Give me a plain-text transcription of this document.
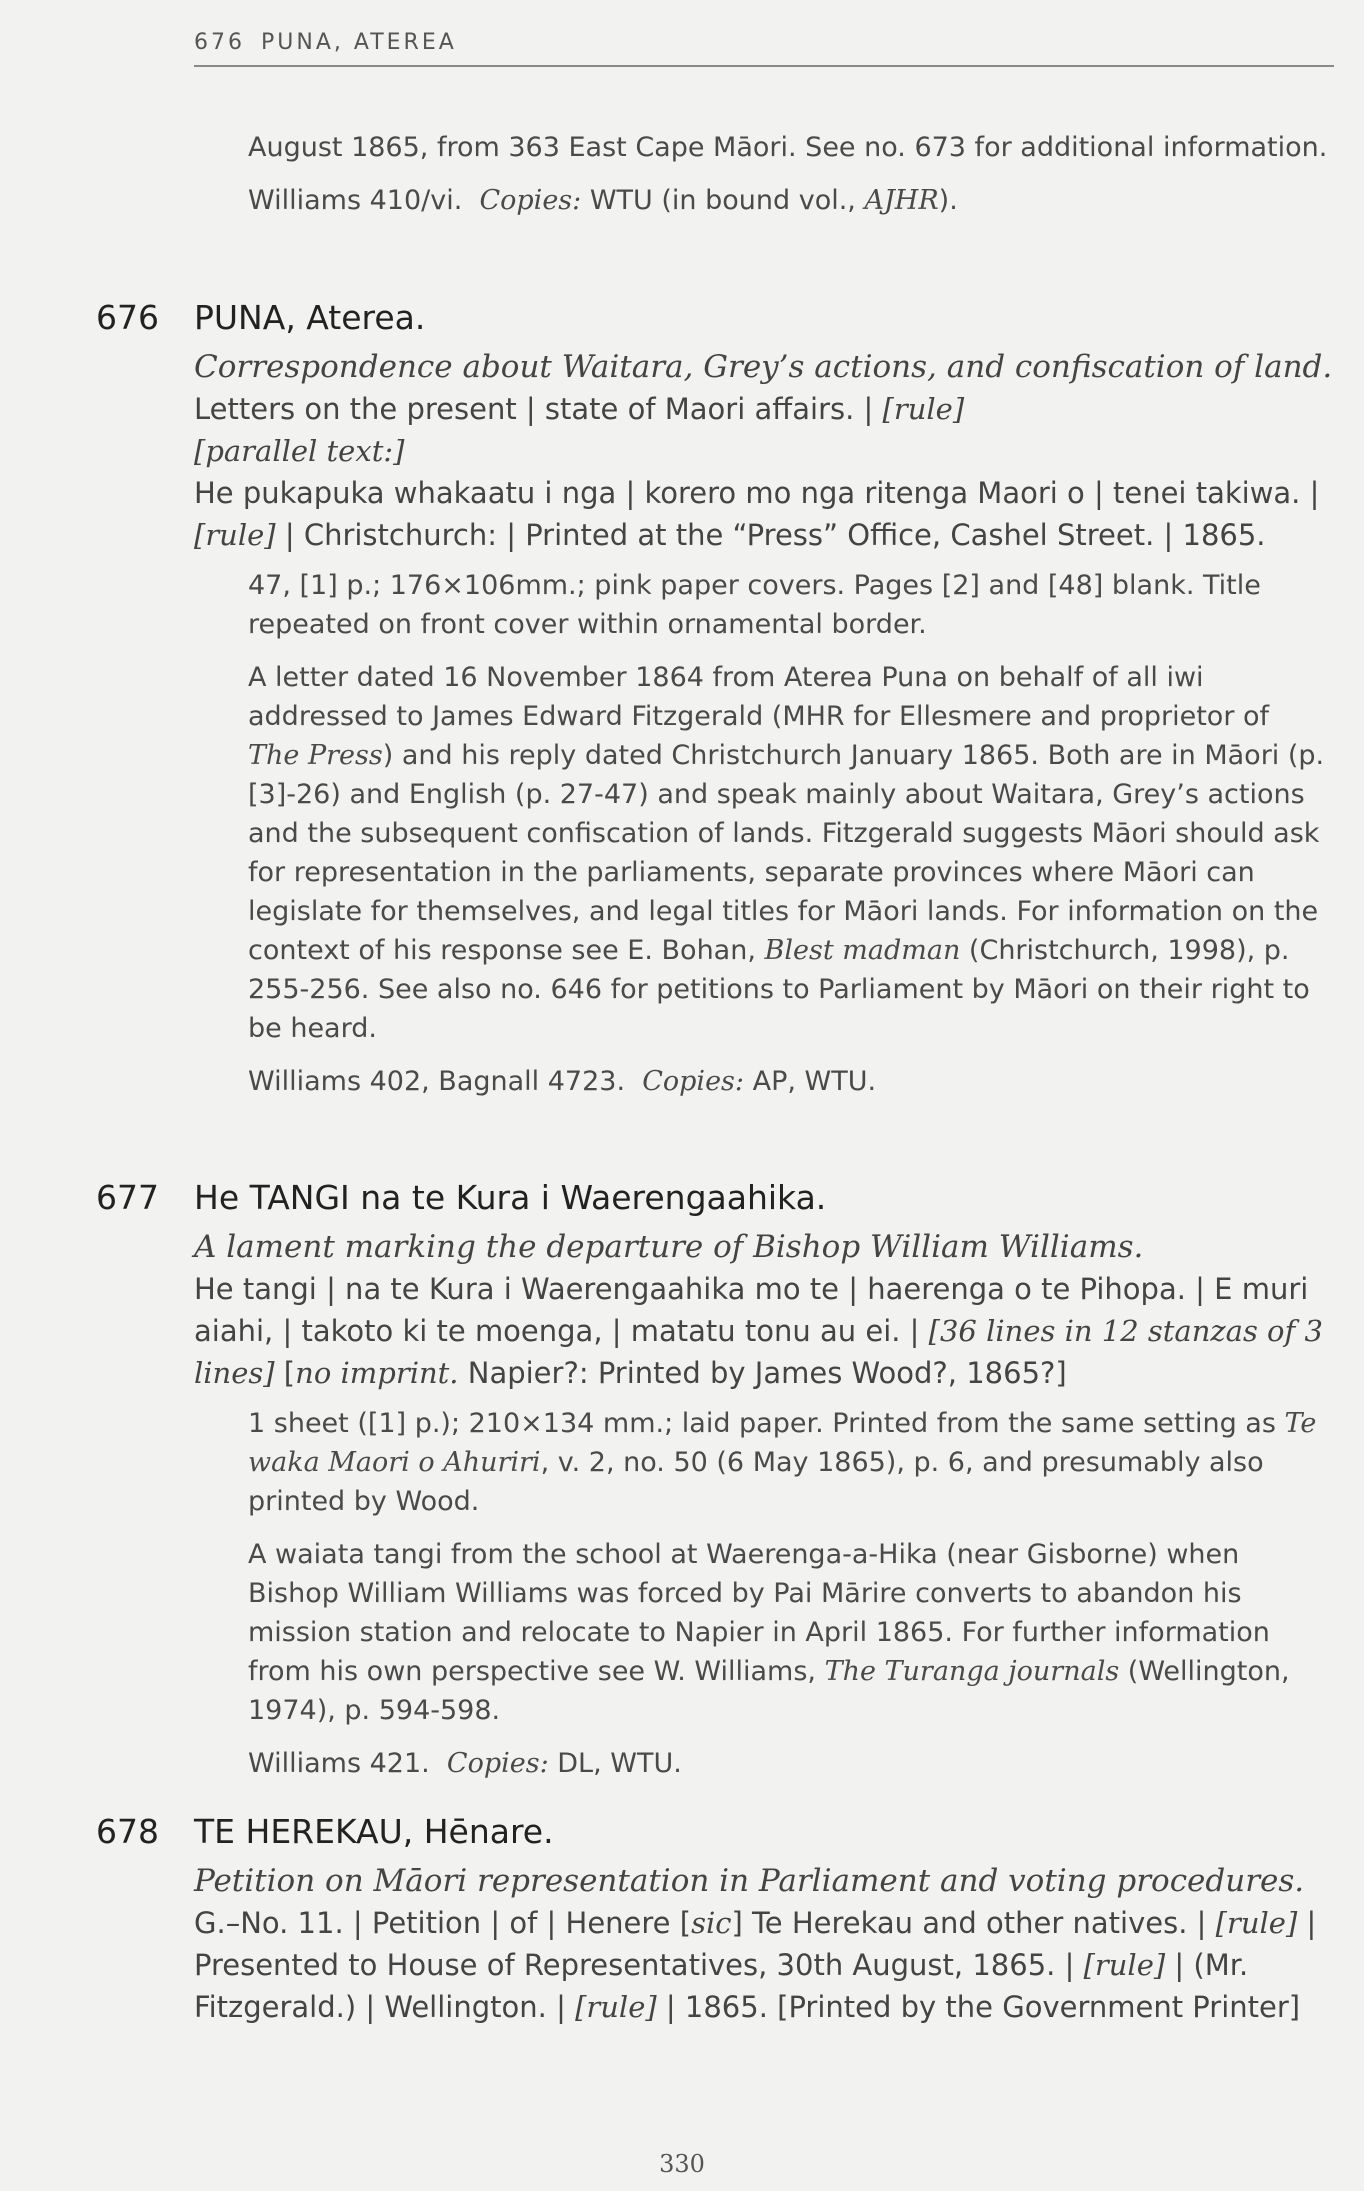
676 PUNA, ATEREA
August 1865, from 363 East Cape Māori. See no. 673 for additional information.
Williams 410/vi. Copies: WTU (in bound vol., AJHR).
676 PUNA, Aterea.
Correspondence about Waitara, Grey’s actions, and confiscation of land.
Letters on the present | state of Maori affairs. | [rule]
[parallel text:]
He pukapuka whakaatu i nga | korero mo nga ritenga Maori o | tenei takiwa. | [rule] | Christchurch: | Printed at the “Press” Office, Cashel Street. | 1865.
47, [1] p.; 176×106mm.; pink paper covers. Pages [2] and [48] blank. Title repeated on front cover within ornamental border.
A letter dated 16 November 1864 from Aterea Puna on behalf of all iwi addressed to James Edward Fitzgerald (MHR for Ellesmere and proprietor of The Press) and his reply dated Christchurch January 1865. Both are in Māori (p. [3]-26) and English (p. 27-47) and speak mainly about Waitara, Grey’s actions and the subsequent confiscation of lands. Fitzgerald suggests Māori should ask for representation in the parliaments, separate provinces where Māori can legislate for themselves, and legal titles for Māori lands. For information on the context of his response see E. Bohan, Blest madman (Christchurch, 1998), p. 255-256. See also no. 646 for petitions to Parliament by Māori on their right to be heard.
Williams 402, Bagnall 4723. Copies: AP, WTU.
677 He TANGI na te Kura i Waerengaahika.
A lament marking the departure of Bishop William Williams.
He tangi | na te Kura i Waerengaahika mo te | haerenga o te Pihopa. | E muri aiahi, | takoto ki te moenga, | matatu tonu au ei. | [36 lines in 12 stanzas of 3 lines] [no imprint. Napier?: Printed by James Wood?, 1865?]
1 sheet ([1] p.); 210×134 mm.; laid paper. Printed from the same setting as Te waka Maori o Ahuriri, v. 2, no. 50 (6 May 1865), p. 6, and presumably also printed by Wood.
A waiata tangi from the school at Waerenga-a-Hika (near Gisborne) when Bishop William Williams was forced by Pai Mārire converts to abandon his mission station and relocate to Napier in April 1865. For further information from his own perspective see W. Williams, The Turanga journals (Wellington, 1974), p. 594-598.
Williams 421. Copies: DL, WTU.
678 TE HEREKAU, Hēnare.
Petition on Māori representation in Parliament and voting procedures.
G.–No. 11. | Petition | of | Henere [sic] Te Herekau and other natives. | [rule] | Presented to House of Representatives, 30th August, 1865. | [rule] | (Mr. Fitzgerald.) | Wellington. | [rule] | 1865. [Printed by the Government Printer]
330
